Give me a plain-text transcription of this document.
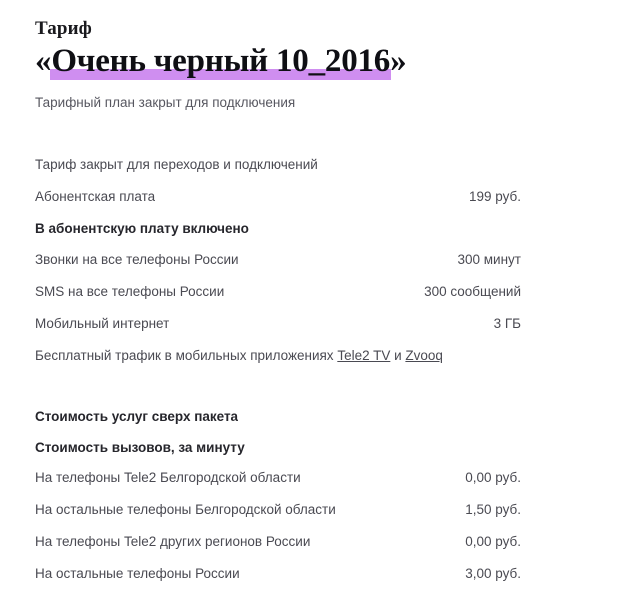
Тариф
«Очень черный 10_2016»
Тарифный план закрыт для подключения
Тариф закрыт для переходов и подключений
Абонентская плата	199 руб.
В абонентскую плату включено
Звонки на все телефоны России	300 минут
SMS на все телефоны России	300 сообщений
Мобильный интернет	3 ГБ
Бесплатный трафик в мобильных приложениях Tele2 TV и Zvooq
Стоимость услуг сверх пакета
Стоимость вызовов, за минуту
На телефоны Tele2 Белгородской области	0,00 руб.
На остальные телефоны Белгородской области	1,50 руб.
На телефоны Tele2 других регионов России	0,00 руб.
На остальные телефоны России	3,00 руб.
